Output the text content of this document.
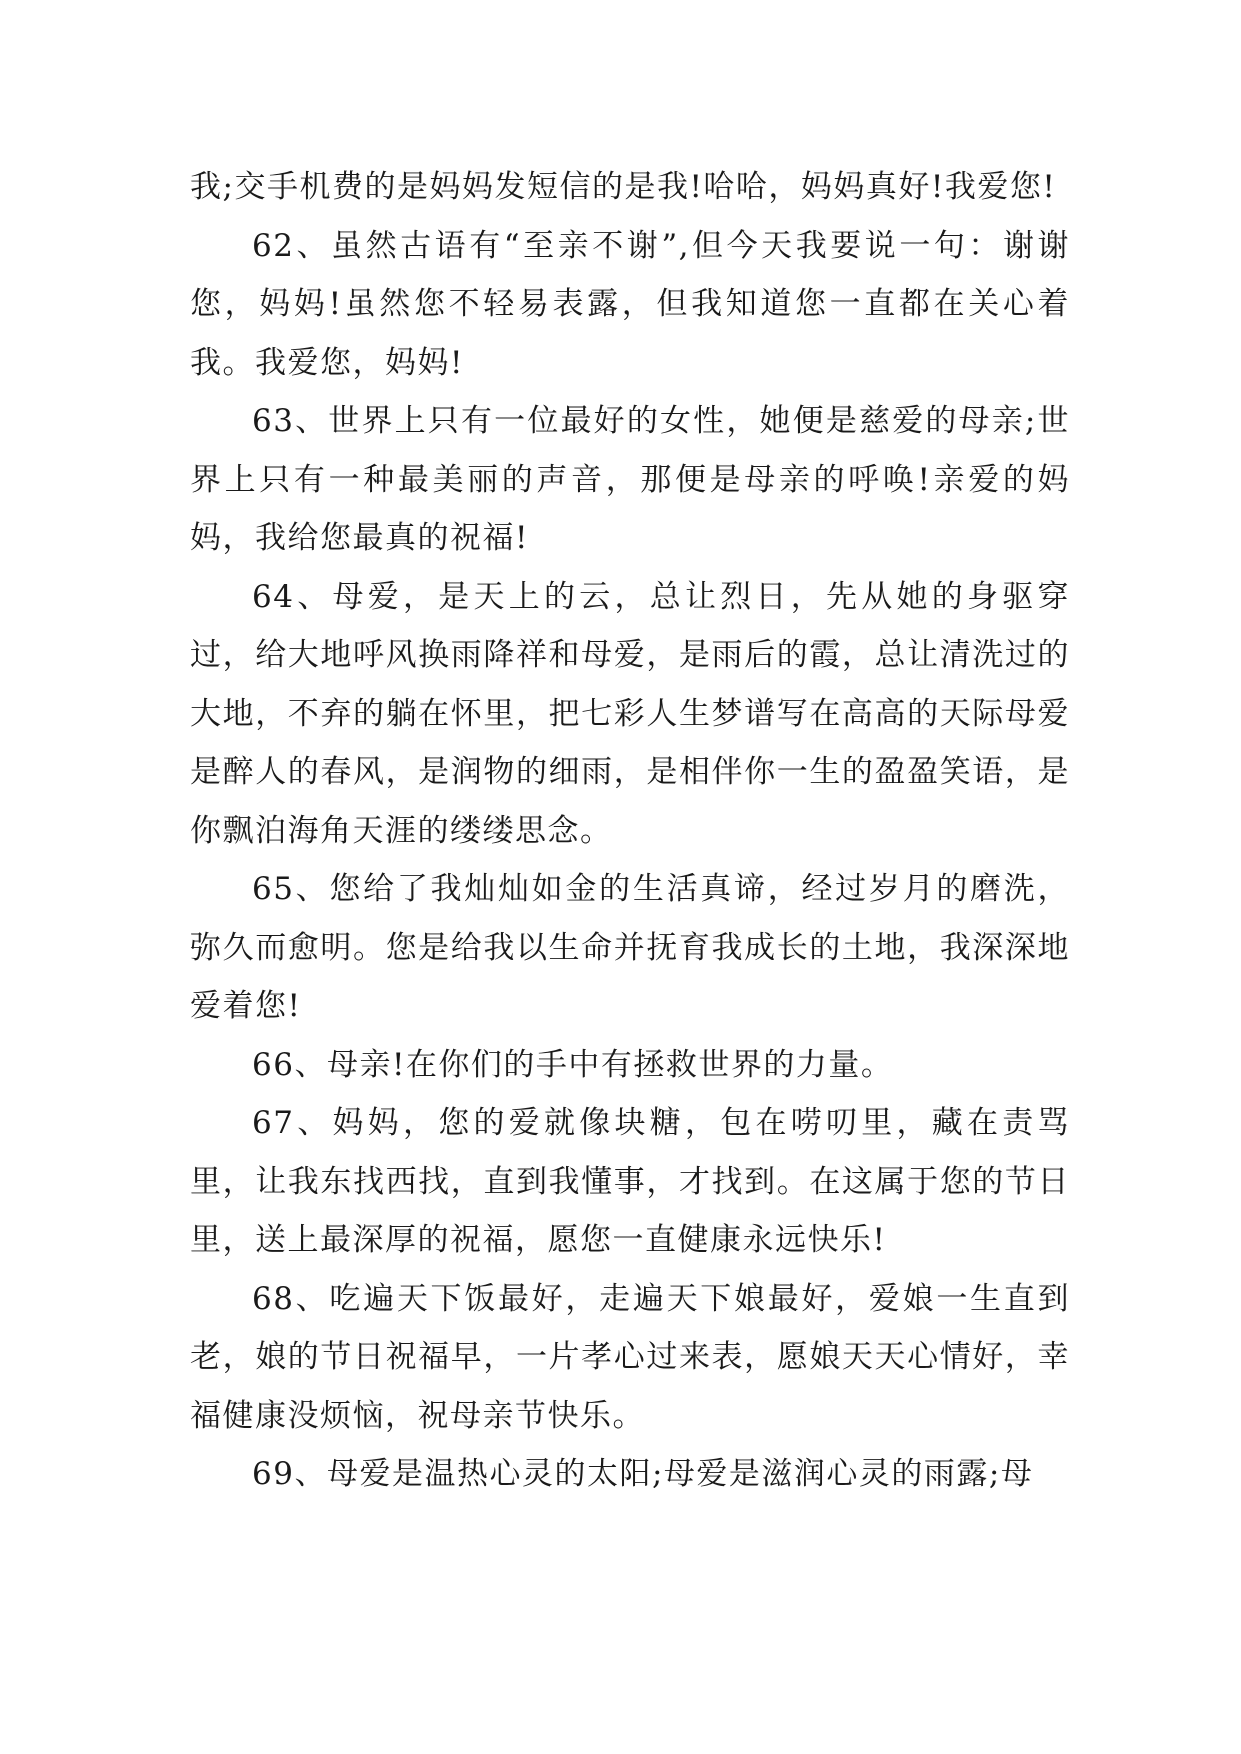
我;交手机费的是妈妈发短信的是我!哈哈，妈妈真好!我爱您!

62、虽然古语有“至亲不谢”,但今天我要说一句：谢谢您，妈妈!虽然您不轻易表露，但我知道您一直都在关心着我。我爱您，妈妈!

63、世界上只有一位最好的女性，她便是慈爱的母亲;世界上只有一种最美丽的声音，那便是母亲的呼唤!亲爱的妈妈，我给您最真的祝福!

64、母爱，是天上的云，总让烈日，先从她的身驱穿过，给大地呼风换雨降祥和母爱，是雨后的霞，总让清洗过的大地，不弃的躺在怀里，把七彩人生梦谱写在高高的天际母爱是醉人的春风，是润物的细雨，是相伴你一生的盈盈笑语，是你飘泊海角天涯的缕缕思念。

65、您给了我灿灿如金的生活真谛，经过岁月的磨洗，弥久而愈明。您是给我以生命并抚育我成长的土地，我深深地爱着您!

66、母亲!在你们的手中有拯救世界的力量。

67、妈妈，您的爱就像块糖，包在唠叨里，藏在责骂里，让我东找西找，直到我懂事，才找到。在这属于您的节日里，送上最深厚的祝福，愿您一直健康永远快乐!

68、吃遍天下饭最好，走遍天下娘最好，爱娘一生直到老，娘的节日祝福早，一片孝心过来表，愿娘天天心情好，幸福健康没烦恼，祝母亲节快乐。

69、母爱是温热心灵的太阳;母爱是滋润心灵的雨露;母
